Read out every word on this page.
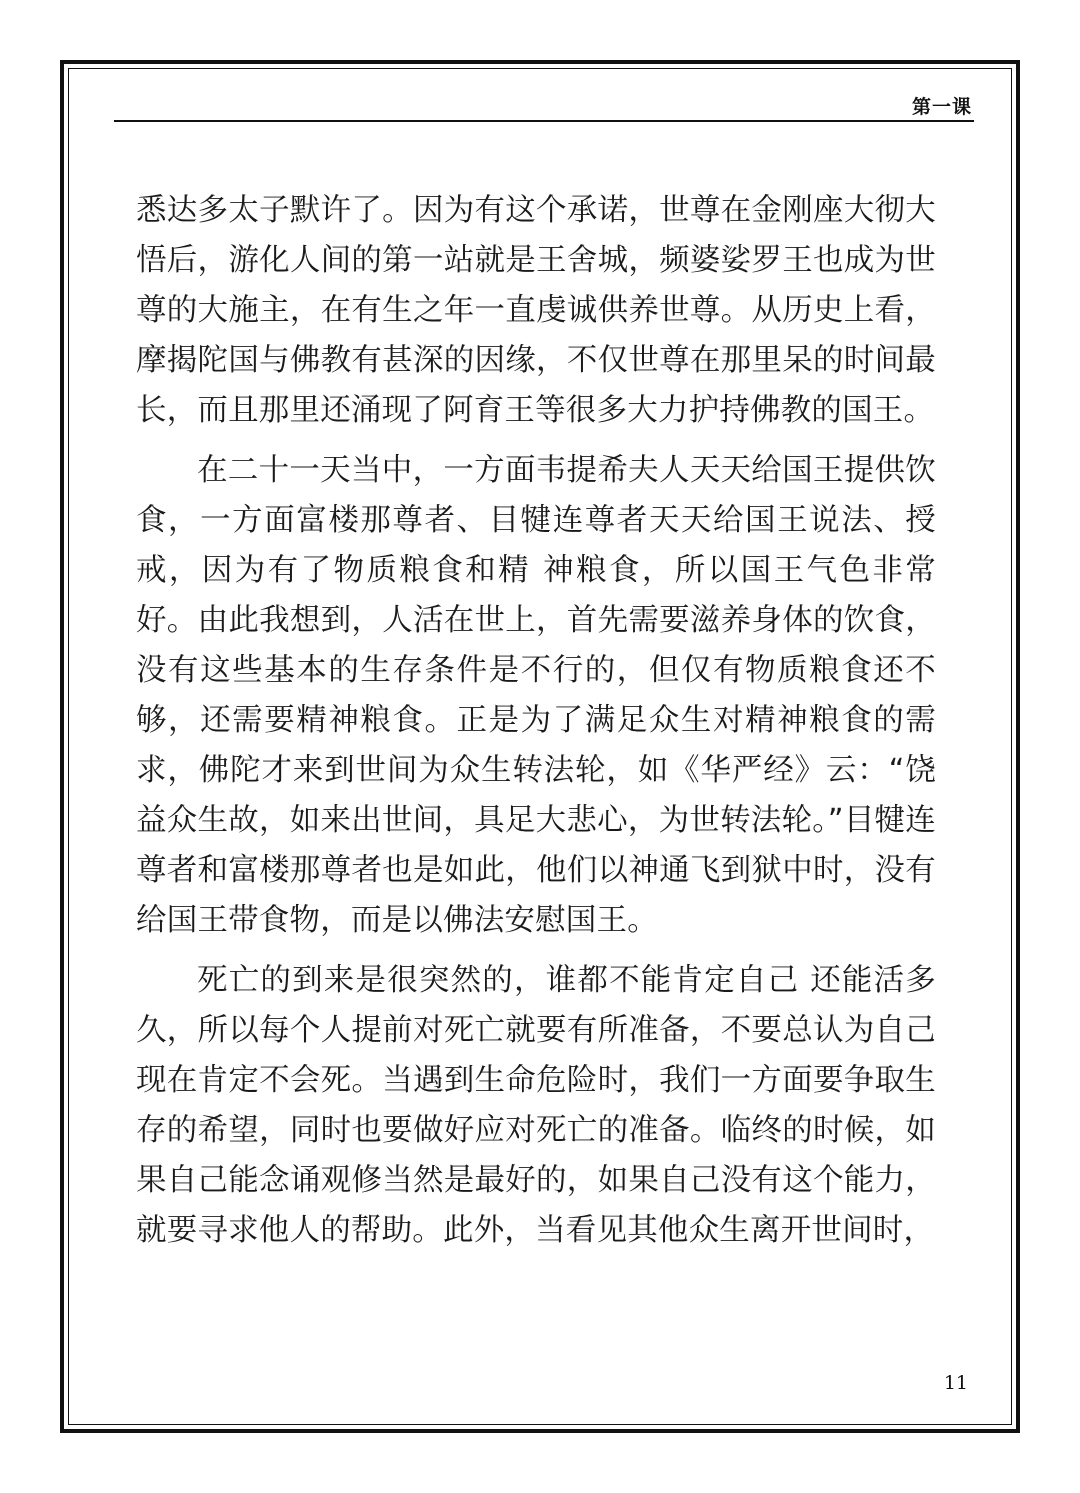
第一课

悉达多太子默许了。因为有这个承诺，世尊在金刚座大彻大悟后，游化人间的第一站就是王舍城，频婆娑罗王也成为世尊的大施主，在有生之年一直虔诚供养世尊。从历史上看，摩揭陀国与佛教有甚深的因缘，不仅世尊在那里呆的时间最长，而且那里还涌现了阿育王等很多大力护持佛教的国王。

在二十一天当中，一方面韦提希夫人天天给国王提供饮食，一方面富楼那尊者、目犍连尊者天天给国王说法、授戒，因为有了物质粮食和精 神粮食，所以国王气色非常好。由此我想到，人活在世上，首先需要滋养身体的饮食，没有这些基本的生存条件是不行的，但仅有物质粮食还不 够，还需要精神粮食。正是为了满足众生对精神粮食的需求，佛陀才来到世间为众生转法轮，如《华严经》云：“饶益众生故，如来出世间，具足大悲心，为世转法轮。”目犍连尊者和富楼那尊者也是如此，他们以神通飞到狱中时，没有给国王带食物，而是以佛法安慰国王。

死亡的到来是很突然的，谁都不能肯定自己 还能活多久，所以每个人提前对死亡就要有所准备，不要总认为自己现在肯定不会死。当遇到生命危险时，我们一方面要争取生存的希望，同时也要做好应对死亡的准备。临终的时候，如果自己能念诵观修当然是最好的，如果自己没有这个能力，就要寻求他人的帮助。此外，当看见其他众生离开世间时，

11
